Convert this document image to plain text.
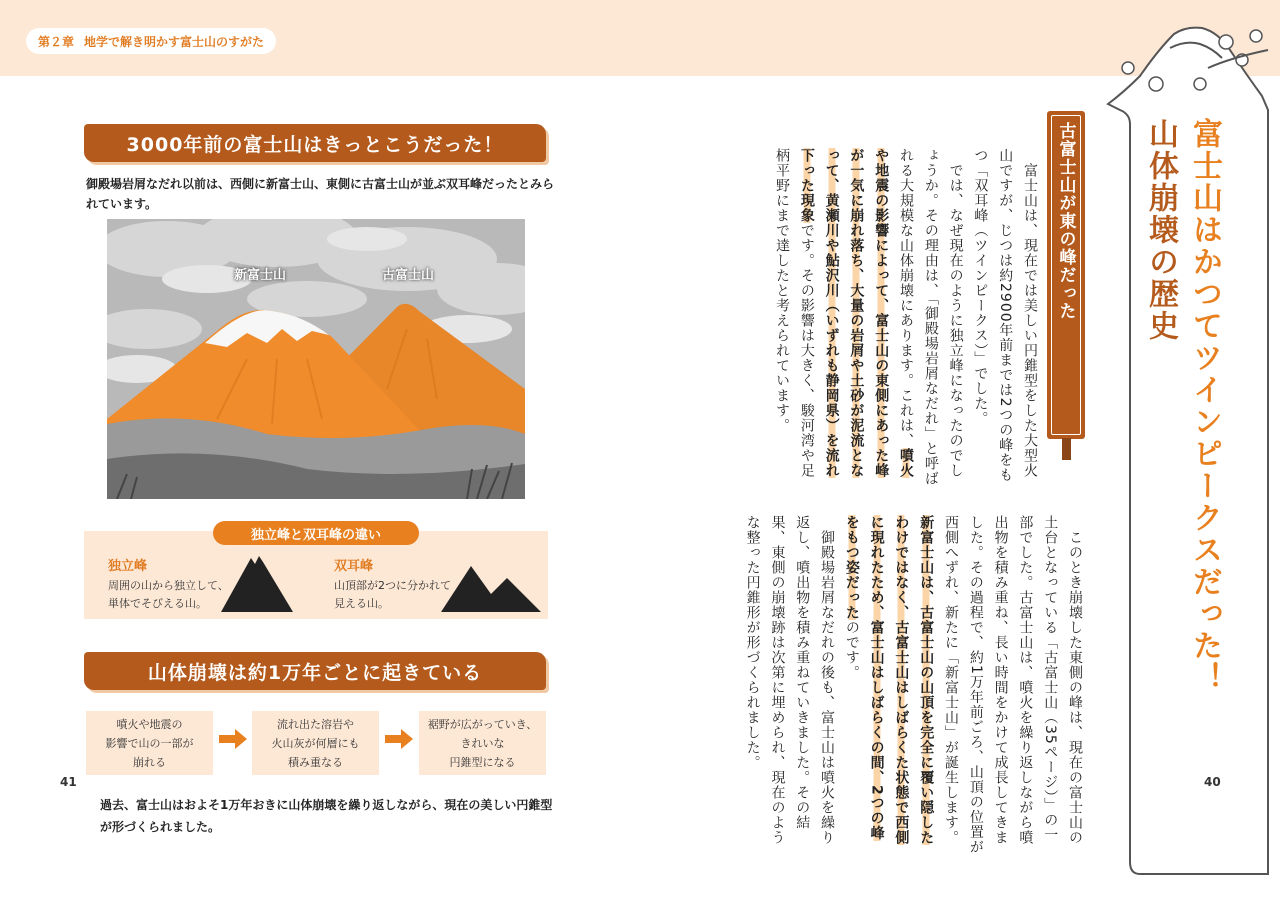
第２章 地学で解き明かす富士山のすがた
3000年前の富士山はきっとこうだった！
御殿場岩屑なだれ以前は、西側に新富士山、東側に古富士山が並ぶ双耳峰だったとみられています。
新富士山	古富士山
独立峰と双耳峰の違い
独立峰
周囲の山から独立して、
単体でそびえる山。
双耳峰
山頂部が2つに分かれて
見える山。
山体崩壊は約1万年ごとに起きている
噴火や地震の
影響で山の一部が
崩れる
流れ出た溶岩や
火山灰が何層にも
積み重なる
裾野が広がっていき、
きれいな
円錐型になる
過去、富士山はおよそ1万年おきに山体崩壊を繰り返しながら、現在の美しい円錐型が形づくられました。
41
富士山はかつてツインピークスだった！
山体崩壊の歴史
古富士山が東の峰だった
　富士山は、現在では美しい円錐型をした大型火山ですが、じつは約2900年前までは2つの峰をもつ「双耳峰（ツインピークス）」でした。
　では、なぜ現在のように独立峰になったのでしょうか。その理由は、「御殿場岩屑なだれ」と呼ばれる大規模な山体崩壊にあります。これは、噴火や地震の影響によって、富士山の東側にあった峰が一気に崩れ落ち、大量の岩屑や土砂が泥流となって、黄瀬川や鮎沢川（いずれも静岡県）を流れ下った現象です。その影響は大きく、駿河湾や足柄平野にまで達したと考えられています。
　このとき崩壊した東側の峰は、現在の富士山の土台となっている「古富士山（35ページ）」の一部でした。古富士山は、噴火を繰り返しながら噴出物を積み重ね、長い時間をかけて成長してきました。その過程で、約1万年前ごろ、山頂の位置が西側へずれ、新たに「新富士山」が誕生します。新富士山は、古富士山の山頂を完全に覆い隠したわけではなく、古富士山はしばらくた状態で西側に現れたため、富士山はしばらくの間、2つの峰をもつ姿だったのです。
　御殿場岩屑なだれの後も、富士山は噴火を繰り返し、噴出物を積み重ねていきました。その結果、東側の崩壊跡は次第に埋められ、現在のような整った円錐形が形づくられました。
40
